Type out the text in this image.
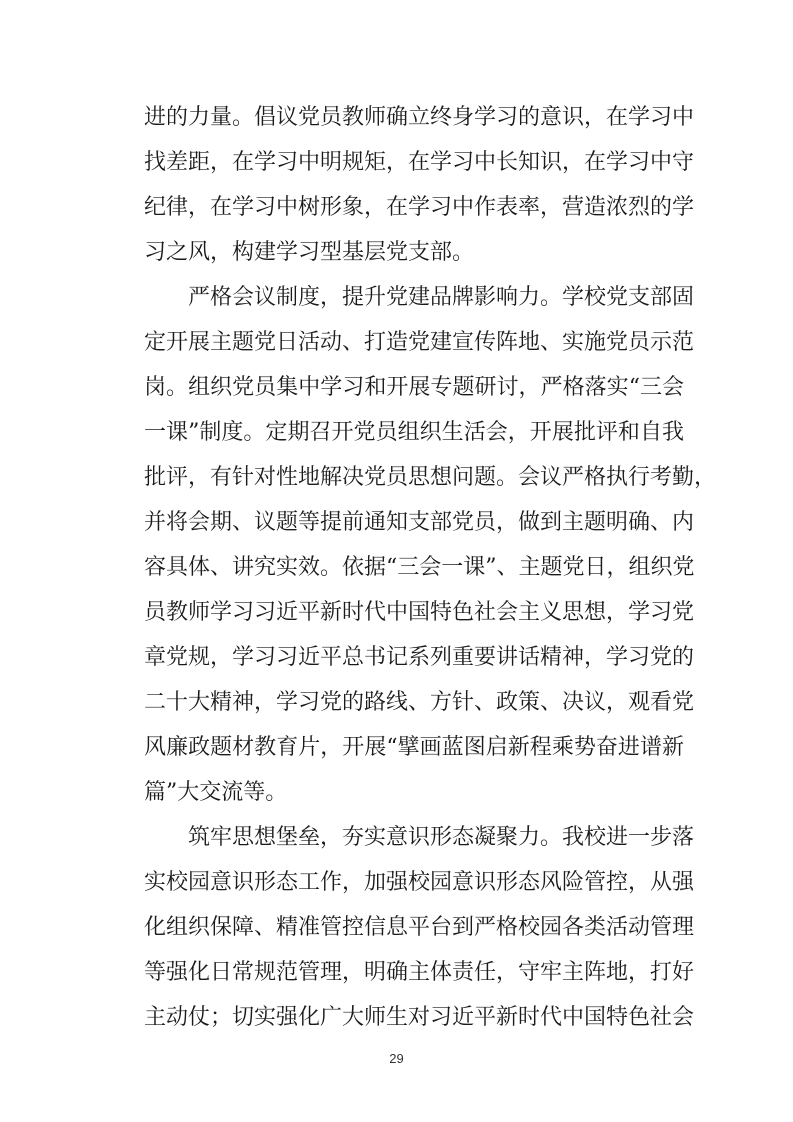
进的力量。倡议党员教师确立终身学习的意识，在学习中
找差距，在学习中明规矩，在学习中长知识，在学习中守
纪律，在学习中树形象，在学习中作表率，营造浓烈的学
习之风，构建学习型基层党支部。
严格会议制度，提升党建品牌影响力。学校党支部固
定开展主题党日活动、打造党建宣传阵地、实施党员示范
岗。组织党员集中学习和开展专题研讨，严格落实“三会
一课”制度。定期召开党员组织生活会，开展批评和自我
批评，有针对性地解决党员思想问题。会议严格执行考勤，
并将会期、议题等提前通知支部党员，做到主题明确、内
容具体、讲究实效。依据“三会一课”、主题党日，组织党
员教师学习习近平新时代中国特色社会主义思想，学习党
章党规，学习习近平总书记系列重要讲话精神，学习党的
二十大精神，学习党的路线、方针、政策、决议，观看党
风廉政题材教育片，开展“擘画蓝图启新程乘势奋进谱新
篇”大交流等。
筑牢思想堡垒，夯实意识形态凝聚力。我校进一步落
实校园意识形态工作，加强校园意识形态风险管控，从强
化组织保障、精准管控信息平台到严格校园各类活动管理
等强化日常规范管理，明确主体责任，守牢主阵地，打好
主动仗；切实强化广大师生对习近平新时代中国特色社会
29
